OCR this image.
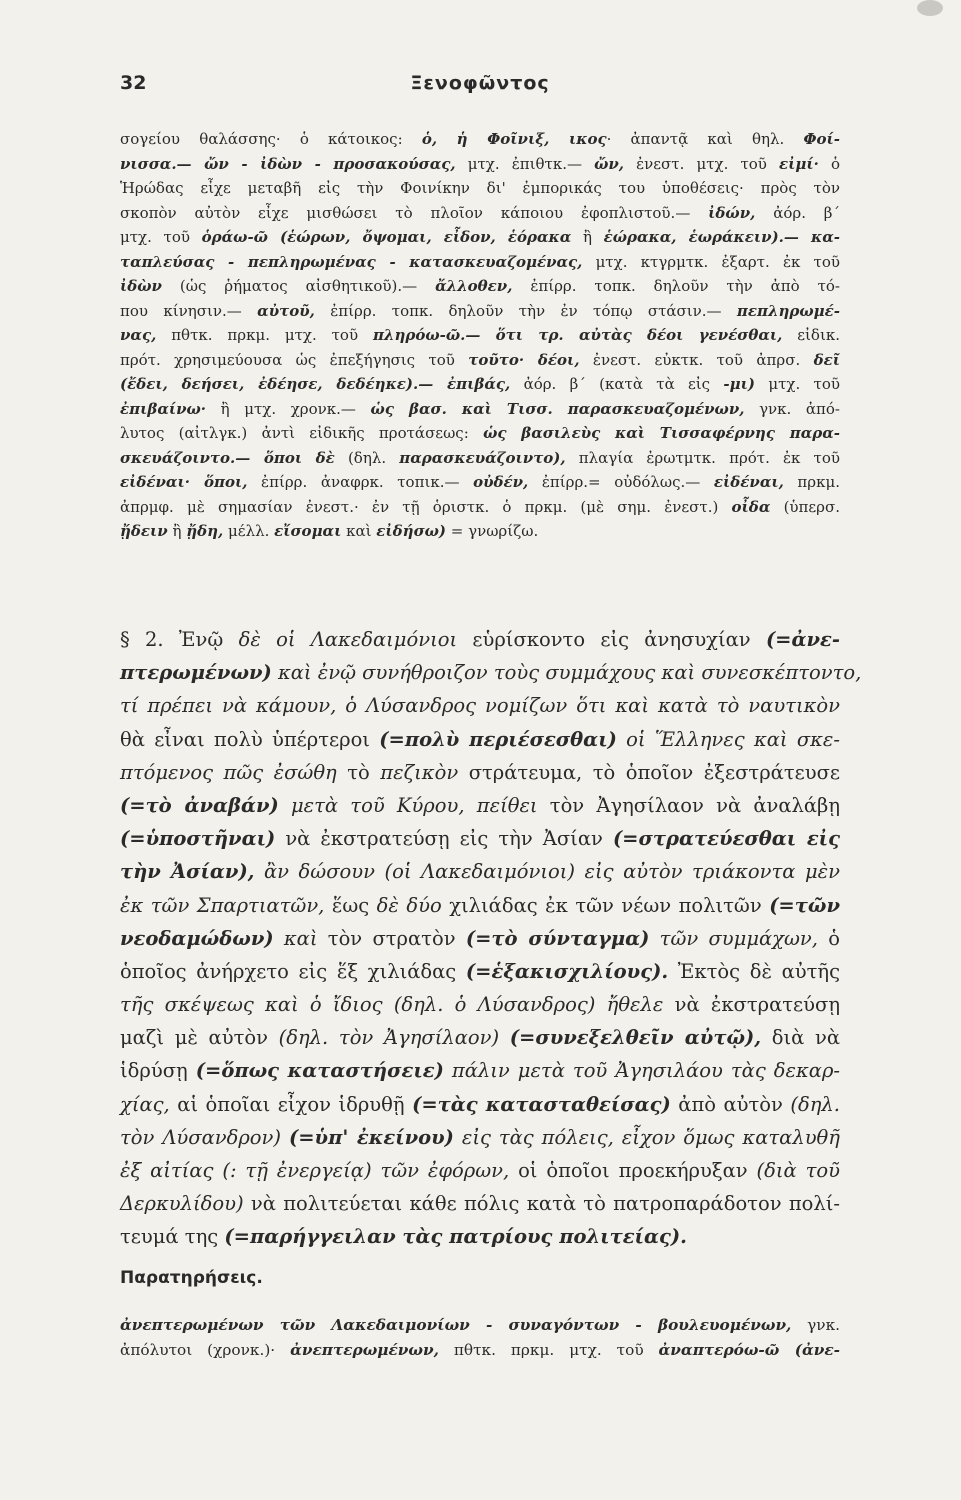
32	Ξενοφῶντος
σογείου θαλάσσης· ὁ κάτοικος: ὁ, ἡ Φοῖνιξ, ικος· ἀπαντᾷ καὶ θηλ. Φοί-
νισσα.— ὤν - ἰδὼν - προσακούσας, μτχ. ἐπιθτκ.— ὤν, ἐνεστ. μτχ. τοῦ εἰμί· ὁ
Ἡρώδας εἶχε μεταβῆ εἰς τὴν Φοινίκην δι' ἐμπορικάς του ὑποθέσεις· πρὸς τὸν
σκοπὸν αὐτὸν εἶχε μισθώσει τὸ πλοῖον κάποιου ἐφοπλιστοῦ.— ἰδών, ἀόρ. β΄
μτχ. τοῦ ὁράω-ῶ (ἑώρων, ὄψομαι, εἶδον, ἑόρακα ἢ ἑώρακα, ἑωράκειν).— κα-
ταπλεύσας - πεπληρωμένας - κατασκευαζομένας, μτχ. κτγρμτκ. ἐξαρτ. ἐκ τοῦ
ἰδὼν (ὡς ῥήματος αἰσθητικοῦ).— ἄλλοθεν, ἐπίρρ. τοπκ. δηλοῦν τὴν ἀπὸ τό-
που κίνησιν.— αὐτοῦ, ἐπίρρ. τοπκ. δηλοῦν τὴν ἐν τόπῳ στάσιν.— πεπληρωμέ-
νας, πθτκ. πρκμ. μτχ. τοῦ πληρόω-ῶ.— ὅτι τρ. αὐτὰς δέοι γενέσθαι, εἰδικ.
πρότ. χρησιμεύουσα ὡς ἐπεξήγησις τοῦ τοῦτο· δέοι, ἐνεστ. εὐκτκ. τοῦ ἀπρσ. δεῖ
(ἔδει, δεήσει, ἐδέησε, δεδέηκε).— ἐπιβάς, ἀόρ. β΄ (κατὰ τὰ εἰς -μι) μτχ. τοῦ
ἐπιβαίνω· ἢ μτχ. χρονκ.— ὡς βασ. καὶ Τισσ. παρασκευαζομένων, γνκ. ἀπό-
λυτος (αἰτλγκ.) ἀντὶ εἰδικῆς προτάσεως: ὡς βασιλεὺς καὶ Τισσαφέρνης παρα-
σκευάζοιντο.— ὅποι δὲ (δηλ. παρασκευάζοιντο), πλαγία ἐρωτμτκ. πρότ. ἐκ τοῦ
εἰδέναι· ὅποι, ἐπίρρ. ἀναφρκ. τοπικ.— οὐδέν, ἐπίρρ.= οὐδόλως.— εἰδέναι, πρκμ.
ἀπρμφ. μὲ σημασίαν ἐνεστ.· ἐν τῇ ὁριστκ. ὁ πρκμ. (μὲ σημ. ἐνεστ.) οἶδα (ὑπερσ.
ᾔδειν ἢ ᾔδη, μέλλ. εἴσομαι καὶ εἰδήσω) = γνωρίζω.
§ 2. Ἐνῷ δὲ οἱ Λακεδαιμόνιοι εὑρίσκοντο εἰς ἀνησυχίαν (=ἀνε-
πτερωμένων) καὶ ἐνῷ συνήθροιζον τοὺς συμμάχους καὶ συνεσκέπτοντο,
τί πρέπει νὰ κάμουν, ὁ Λύσανδρος νομίζων ὅτι καὶ κατὰ τὸ ναυτικὸν
θὰ εἶναι πολὺ ὑπέρτεροι (=πολὺ περιέσεσθαι) οἱ Ἕλληνες καὶ σκε-
πτόμενος πῶς ἐσώθη τὸ πεζικὸν στράτευμα, τὸ ὁποῖον ἐξεστράτευσε
(=τὸ ἀναβάν) μετὰ τοῦ Κύρου, πείθει τὸν Ἀγησίλαον νὰ ἀναλάβῃ
(=ὑποστῆναι) νὰ ἐκστρατεύσῃ εἰς τὴν Ἀσίαν (=στρατεύεσθαι εἰς
τὴν Ἀσίαν), ἂν δώσουν (οἱ Λακεδαιμόνιοι) εἰς αὐτὸν τριάκοντα μὲν
ἐκ τῶν Σπαρτιατῶν, ἕως δὲ δύο χιλιάδας ἐκ τῶν νέων πολιτῶν (=τῶν
νεοδαμώδων) καὶ τὸν στρατὸν (=τὸ σύνταγμα) τῶν συμμάχων, ὁ
ὁποῖος ἀνήρχετο εἰς ἕξ χιλιάδας (=ἑξακισχιλίους). Ἐκτὸς δὲ αὐτῆς
τῆς σκέψεως καὶ ὁ ἴδιος (δηλ. ὁ Λύσανδρος) ἤθελε νὰ ἐκστρατεύσῃ
μαζὶ μὲ αὐτὸν (δηλ. τὸν Ἀγησίλαον) (=συνεξελθεῖν αὐτῷ), διὰ νὰ
ἱδρύσῃ (=ὅπως καταστήσειε) πάλιν μετὰ τοῦ Ἀγησιλάου τὰς δεκαρ-
χίας, αἱ ὁποῖαι εἶχον ἱδρυθῇ (=τὰς κατασταθείσας) ἀπὸ αὐτὸν (δηλ.
τὸν Λύσανδρον) (=ὑπ' ἐκείνου) εἰς τὰς πόλεις, εἶχον ὅμως καταλυθῆ
ἐξ αἰτίας (: τῇ ἐνεργείᾳ) τῶν ἐφόρων, οἱ ὁποῖοι προεκήρυξαν (διὰ τοῦ
Δερκυλίδου) νὰ πολιτεύεται κάθε πόλις κατὰ τὸ πατροπαράδοτον πολί-
τευμά της (=παρήγγειλαν τὰς πατρίους πολιτείας).
Παρατηρήσεις.
ἀνεπτερωμένων τῶν Λακεδαιμονίων - συναγόντων - βουλευομένων, γνκ.
ἀπόλυτοι (χρονκ.)· ἀνεπτερωμένων, πθτκ. πρκμ. μτχ. τοῦ ἀναπτερόω-ῶ (ἀνε-
